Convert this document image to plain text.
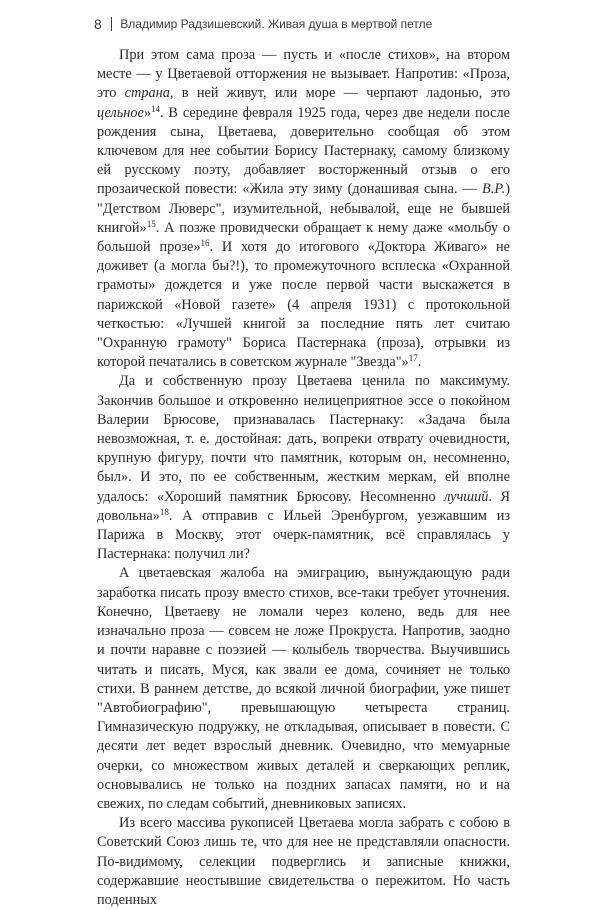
8 Владимир Радзишевский. Живая душа в мертвой петле

При этом сама проза — пусть и «после стихов», на втором месте — у Цветаевой отторжения не вызывает. Напротив: «Проза, это страна, в ней живут, или море — черпают ладонью, это цельное»$^{14}$. В середине февраля 1925 года, через две недели после рождения сына, Цветаева, доверительно сообщая об этом ключевом для нее событии Борису Пастернаку, самому близкому ей русскому поэту, добавляет восторженный отзыв о его прозаической повести: «Жила эту зиму (донашивая сына. — В.Р.) "Детством Люверс", изумительной, небывалой, еще не бывшей книгой»$^{15}$. А позже провидчески обращает к нему даже «мольбу о большой прозе»$^{16}$. И хотя до итогового «Доктора Живаго» не доживет (а могла бы?!), то промежуточного всплеска «Охранной грамоты» дождется и уже после первой части выскажется в парижской «Новой газете» (4 апреля 1931) с протокольной четкостью: «Лучшей книгой за последние пять лет считаю "Охранную грамоту" Бориса Пастернака (проза), отрывки из которой печатались в советском журнале "Звезда"»$^{17}$.

Да и собственную прозу Цветаева ценила по максимуму. Закончив большое и откровенно нелицеприятное эссе о покойном Валерии Брюсове, признавалась Пастернаку: «Задача была невозможная, т. е. достойная: дать, вопреки отврату очевидности, крупную фигуру, почти что памятник, которым он, несомненно, был». И это, по ее собственным, жестким меркам, ей вполне удалось: «Хороший памятник Брюсову. Несомненно лучший. Я довольна»$^{18}$. А отправив с Ильей Эренбургом, уезжавшим из Парижа в Москву, этот очерк-памятник, всё справлялась у Пастернака: получил ли?

А цветаевская жалоба на эмиграцию, вынуждающую ради заработка писать прозу вместо стихов, все-таки требует уточнения. Конечно, Цветаеву не ломали через колено, ведь для нее изначально проза — совсем не ложе Прокруста. Напротив, заодно и почти наравне с поэзией — колыбель творчества. Выучившись читать и писать, Муся, как звали ее дома, сочиняет не только стихи. В раннем детстве, до всякой личной биографии, уже пишет "Автобиографию", превышающую четыреста страниц. Гимназическую подружку, не откладывая, описывает в повести. С десяти лет ведет взрослый дневник. Очевидно, что мемуарные очерки, со множеством живых деталей и сверкающих реплик, основывались не только на поздних запасах памяти, но и на свежих, по следам событий, дневниковых записях.

Из всего массива рукописей Цветаева могла забрать с собою в Советский Союз лишь те, что для нее не представляли опасности. По-видимому, селекции подверглись и записные книжки, содержавшие неостывшие свидетельства о пережитом. Но часть поденных
